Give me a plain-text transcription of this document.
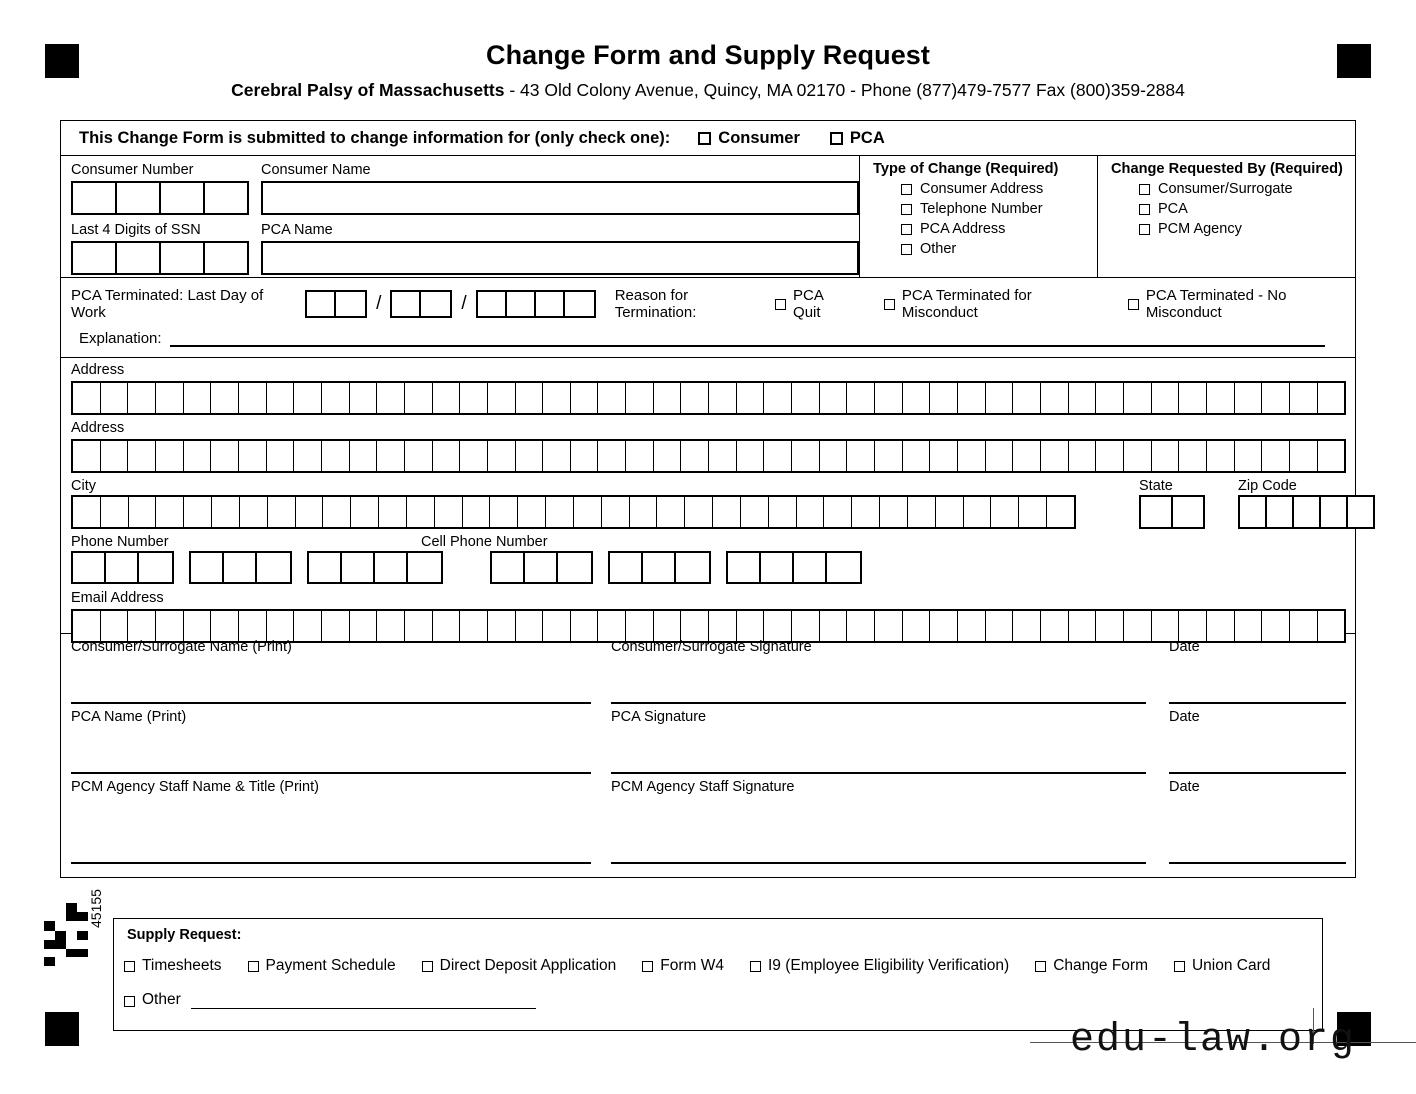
Change Form and Supply Request
Cerebral Palsy of Massachusetts - 43 Old Colony Avenue, Quincy, MA 02170 - Phone (877)479-7577 Fax (800)359-2884
This Change Form is submitted to change information for (only check one):	Consumer	PCA
Consumer Number	Consumer Name
Last 4 Digits of SSN	PCA Name
Type of Change (Required)
Consumer Address
Telephone Number
PCA Address
Other
Change Requested By (Required)
Consumer/Surrogate
PCA
PCM Agency
PCA Terminated: Last Day of Work	/	/	Reason for Termination:
PCA Quit
PCA Terminated for Misconduct
PCA Terminated - No Misconduct
Explanation:
Address
Address
City	State	Zip Code
Phone Number	Cell Phone Number
Email Address
Consumer/Surrogate Name (Print)	Consumer/Surrogate Signature	Date
PCA Name (Print)	PCA Signature	Date
PCM Agency Staff Name & Title (Print)	PCM Agency Staff Signature	Date
45155
Supply Request:
Timesheets	Payment Schedule	Direct Deposit Application	Form W4	I9 (Employee Eligibility Verification)	Change Form	Union Card
Other
edu-law.org
